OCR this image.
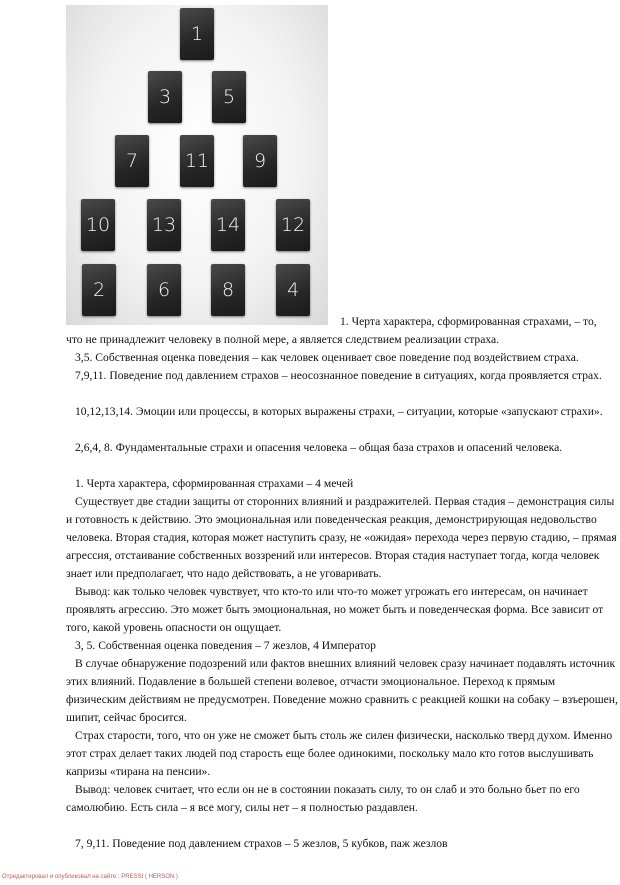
1
3	5
7	11	9
10 13 14 12
2	6	8	4
1. Черта характера, сформированная страхами, – то,
что не принадлежит человеку в полной мере, а является следствием реализации страха.
3,5. Собственная оценка поведения – как человек оценивает свое поведение под воздействием страха.
7,9,11. Поведение под давлением страхов – неосознанное поведение в ситуациях, когда проявляется страх.
10,12,13,14. Эмоции или процессы, в которых выражены страхи, – ситуации, которые «запускают страхи».
2,6,4, 8. Фундаментальные страхи и опасения человека – общая база страхов и опасений человека.
1. Черта характера, сформированная страхами – 4 мечей
Существует две стадии защиты от сторонних влияний и раздражителей. Первая стадия – демонстрация силы и готовность к действию. Это эмоциональная или поведенческая реакция, демонстрирующая недовольство человека. Вторая стадия, которая может наступить сразу, не «ожидая» перехода через первую стадию, – прямая агрессия, отстаивание собственных воззрений или интересов. Вторая стадия наступает тогда, когда человек знает или предполагает, что надо действовать, а не уговаривать.
Вывод: как только человек чувствует, что кто-то или что-то может угрожать его интересам, он начинает проявлять агрессию. Это может быть эмоциональная, но может быть и поведенческая форма. Все зависит от того, какой уровень опасности он ощущает.
3, 5. Собственная оценка поведения – 7 жезлов, 4 Император
В случае обнаружение подозрений или фактов внешних влияний человек сразу начинает подавлять источник этих влияний. Подавление в большей степени волевое, отчасти эмоциональное. Переход к прямым физическим действиям не предусмотрен. Поведение можно сравнить с реакцией кошки на собаку – взъерошен, шипит, сейчас бросится.
Страх старости, того, что он уже не сможет быть столь же силен физически, насколько тверд духом. Именно этот страх делает таких людей под старость еще более одинокими, поскольку мало кто готов выслушивать капризы «тирана на пенсии».
Вывод: человек считает, что если он не в состоянии показать силу, то он слаб и это больно бьет по его самолюбию. Есть сила – я все могу, силы нет – я полностью раздавлен.
7, 9,11. Поведение под давлением страхов – 5 жезлов, 5 кубков, паж жезлов
Отредактировал и опубликовал на сайте : PRESSI ( HERSON )
